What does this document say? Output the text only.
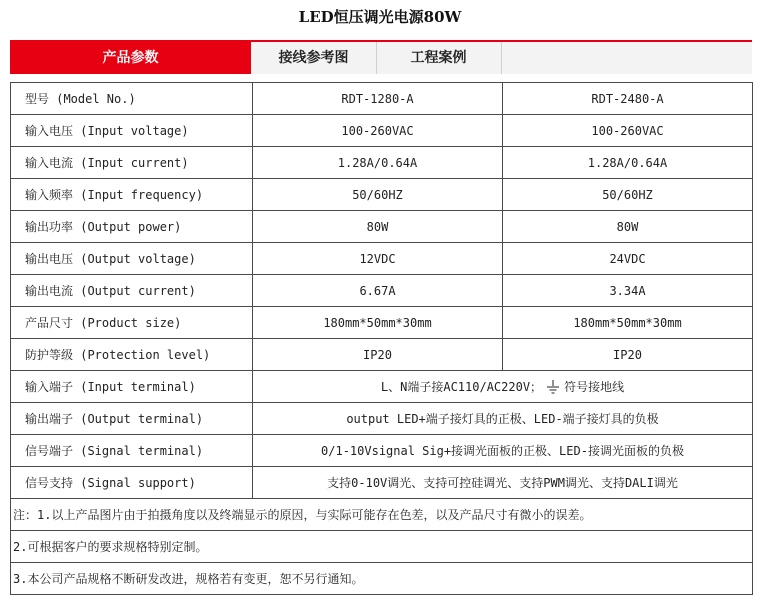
LED恒压调光电源80W
产品参数	接线参考图	工程案例
型号 (Model No.)	RDT-1280-A	RDT-2480-A
输入电压 (Input voltage)	100-260VAC	100-260VAC
输入电流 (Input current)	1.28A/0.64A	1.28A/0.64A
输入频率 (Input frequency)	50/60HZ	50/60HZ
输出功率 (Output power)	80W	80W
输出电压 (Output voltage)	12VDC	24VDC
输出电流 (Output current)	6.67A	3.34A
产品尺寸 (Product size)	180mm*50mm*30mm	180mm*50mm*30mm
防护等级 (Protection level)	IP20	IP20
输入端子 (Input terminal)	L、N端子接AC110/AC220V； 符号接地线	
输出端子 (Output terminal)	output LED+端子接灯具的正极、LED-端子接灯具的负极	
信号端子 (Signal terminal)	0/1-10Vsignal Sig+接调光面板的正极、LED-接调光面板的负极	
信号支持 (Signal support)	支持0-10V调光、支持可控硅调光、支持PWM调光、支持DALI调光	
注：1.以上产品图片由于拍摄角度以及终端显示的原因，与实际可能存在色差，以及产品尺寸有微小的误差。		
2.可根据客户的要求规格特别定制。		
3.本公司产品规格不断研发改进，规格若有变更，恕不另行通知。		
